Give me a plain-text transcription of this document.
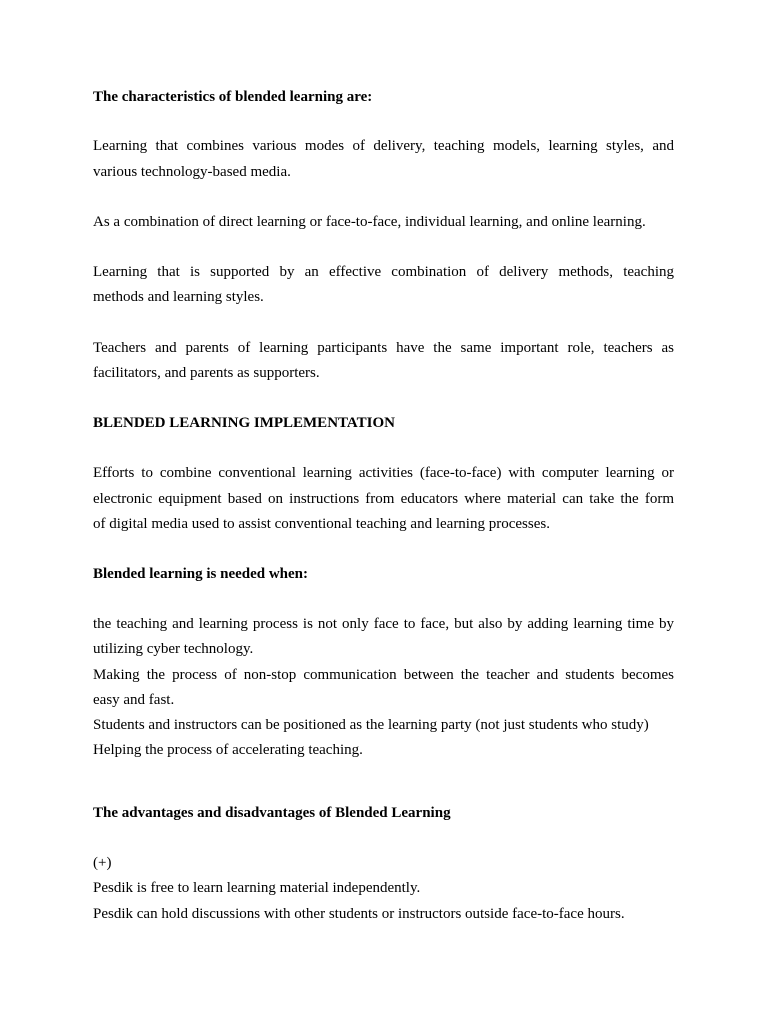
The characteristics of blended learning are:
Learning that combines various modes of delivery, teaching models, learning styles, and
various technology-based media.
As a combination of direct learning or face-to-face, individual learning, and online learning.
Learning that is supported by an effective combination of delivery methods, teaching
methods and learning styles.
Teachers and parents of learning participants have the same important role, teachers as
facilitators, and parents as supporters.
BLENDED LEARNING IMPLEMENTATION
Efforts to combine conventional learning activities (face-to-face) with computer learning or
electronic equipment based on instructions from educators where material can take the form
of digital media used to assist conventional teaching and learning processes.
Blended learning is needed when:
the teaching and learning process is not only face to face, but also by adding learning time by
utilizing cyber technology.
Making the process of non-stop communication between the teacher and students becomes
easy and fast.
Students and instructors can be positioned as the learning party (not just students who study)
Helping the process of accelerating teaching.
The advantages and disadvantages of Blended Learning
(+)
Pesdik is free to learn learning material independently.
Pesdik can hold discussions with other students or instructors outside face-to-face hours.
